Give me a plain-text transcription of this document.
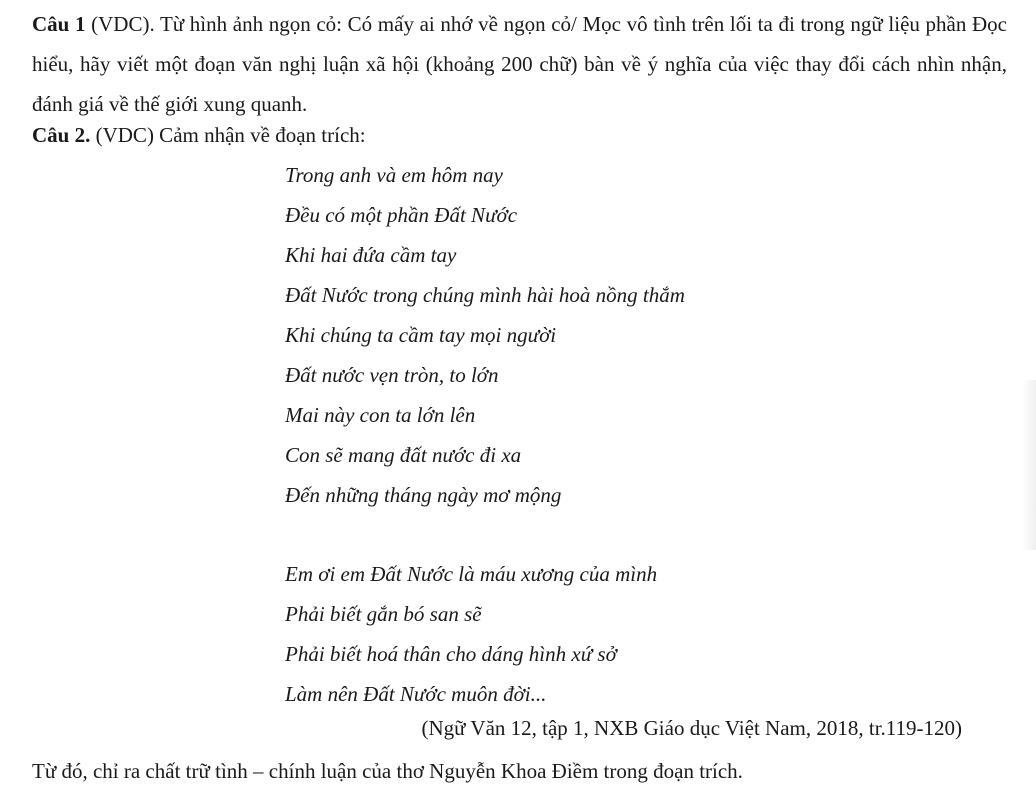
Câu 1 (VDC). Từ hình ảnh ngọn cỏ: Có mấy ai nhớ về ngọn cỏ/ Mọc vô tình trên lối ta đi trong ngữ liệu phần Đọc hiểu, hãy viết một đoạn văn nghị luận xã hội (khoảng 200 chữ) bàn về ý nghĩa của việc thay đổi cách nhìn nhận, đánh giá về thế giới xung quanh.

Câu 2. (VDC) Cảm nhận về đoạn trích:

Trong anh và em hôm nay
Đều có một phần Đất Nước
Khi hai đứa cầm tay
Đất Nước trong chúng mình hài hoà nồng thắm
Khi chúng ta cầm tay mọi người
Đất nước vẹn tròn, to lớn
Mai này con ta lớn lên
Con sẽ mang đất nước đi xa
Đến những tháng ngày mơ mộng
Em ơi em Đất Nước là máu xương của mình
Phải biết gắn bó san sẽ
Phải biết hoá thân cho dáng hình xứ sở
Làm nên Đất Nước muôn đời...
(Ngữ Văn 12, tập 1, NXB Giáo dục Việt Nam, 2018, tr.119-120)
Từ đó, chỉ ra chất trữ tình – chính luận của thơ Nguyễn Khoa Điềm trong đoạn trích.
